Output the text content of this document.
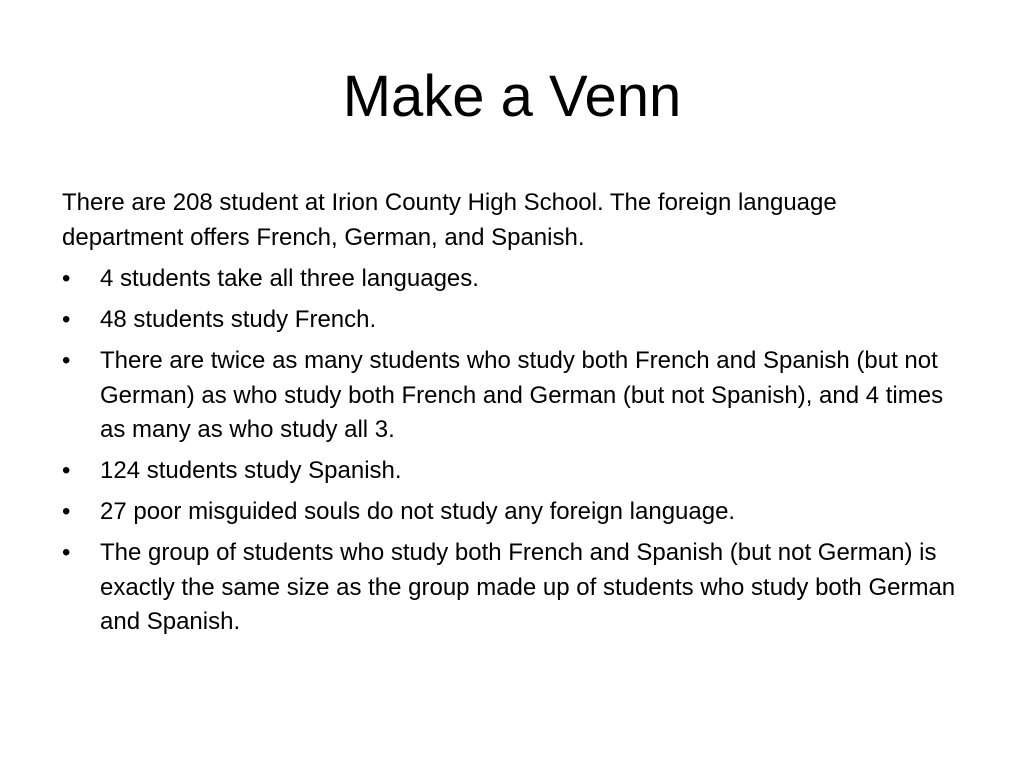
Make a Venn

There are 208 student at Irion County High School. The foreign language department offers French, German, and Spanish.

•	4 students take all three languages.
•	48 students study French.
•	There are twice as many students who study both French and Spanish (but not German) as who study both French and German (but not Spanish), and 4 times as many as who study all 3.
•	124 students study Spanish.
•	27 poor misguided souls do not study any foreign language.
•	The group of students who study both French and Spanish (but not German) is exactly the same size as the group made up of students who study both German and Spanish.
